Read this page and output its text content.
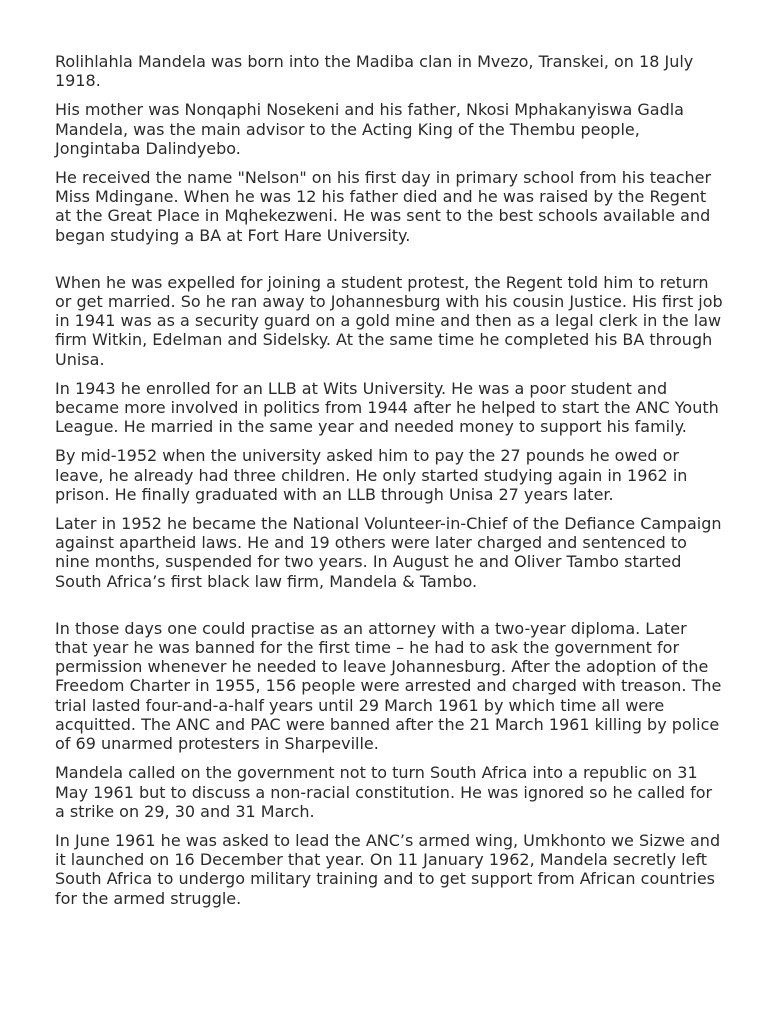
Rolihlahla Mandela was born into the Madiba clan in Mvezo, Transkei, on 18 July 1918.

His mother was Nonqaphi Nosekeni and his father, Nkosi Mphakanyiswa Gadla Mandela, was the main advisor to the Acting King of the Thembu people, Jongintaba Dalindyebo.

He received the name "Nelson" on his first day in primary school from his teacher Miss Mdingane. When he was 12 his father died and he was raised by the Regent at the Great Place in Mqhekezweni. He was sent to the best schools available and began studying a BA at Fort Hare University.

When he was expelled for joining a student protest, the Regent told him to return or get married. So he ran away to Johannesburg with his cousin Justice. His first job in 1941 was as a security guard on a gold mine and then as a legal clerk in the law firm Witkin, Edelman and Sidelsky. At the same time he completed his BA through Unisa.

In 1943 he enrolled for an LLB at Wits University. He was a poor student and became more involved in politics from 1944 after he helped to start the ANC Youth League. He married in the same year and needed money to support his family.

By mid-1952 when the university asked him to pay the 27 pounds he owed or leave, he already had three children. He only started studying again in 1962 in prison. He finally graduated with an LLB through Unisa 27 years later.

Later in 1952 he became the National Volunteer-in-Chief of the Defiance Campaign against apartheid laws. He and 19 others were later charged and sentenced to nine months, suspended for two years. In August he and Oliver Tambo started South Africa’s first black law firm, Mandela & Tambo.

In those days one could practise as an attorney with a two-year diploma. Later that year he was banned for the first time – he had to ask the government for permission whenever he needed to leave Johannesburg. After the adoption of the Freedom Charter in 1955, 156 people were arrested and charged with treason. The trial lasted four-and-a-half years until 29 March 1961 by which time all were acquitted. The ANC and PAC were banned after the 21 March 1961 killing by police of 69 unarmed protesters in Sharpeville.

Mandela called on the government not to turn South Africa into a republic on 31 May 1961 but to discuss a non-racial constitution. He was ignored so he called for a strike on 29, 30 and 31 March.

In June 1961 he was asked to lead the ANC’s armed wing, Umkhonto we Sizwe and it launched on 16 December that year. On 11 January 1962, Mandela secretly left South Africa to undergo military training and to get support from African countries for the armed struggle.
